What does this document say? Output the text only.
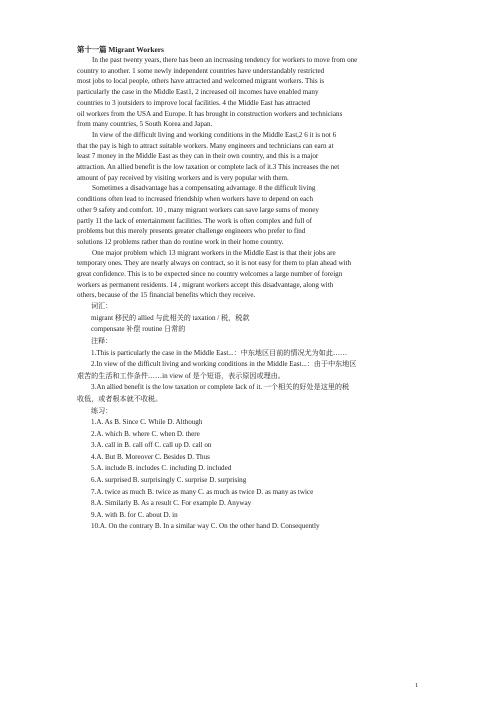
第十一篇 Migrant Workers
In the past twenty years, there has been an increasing tendency for workers to move from one
country to another. 1 some newly independent countries have understandably restricted
most jobs to local people, others have attracted and welcomed migrant workers. This is
particularly the case in the Middle East1, 2 increased oil incomes have enabled many
countries to 3 |outsiders to improve local facilities. 4 the Middle East has attracted
oil workers from the USA and Europe. It has brought in construction workers and technicians
from many countries, 5 South Korea and Japan.
In view of the difficult living and working conditions in the Middle East,2 6 it is not 6
that the pay is high to attract suitable workers. Many engineers and technicians can earn at
least 7 money in the Middle East as they can in their own country, and this is a major
attraction. An allied benefit is the low taxation or complete lack of it.3 This increases the net
amount of pay received by visiting workers and is very popular with them.
Sometimes a disadvantage has a compensating advantage. 8 the difficult living
conditions often lead to increased friendship when workers have to depend on each
other 9 safety and comfort. 10 , many migrant workers can save large sums of money
partly 11 the lack of entertainment facilities. The work is often complex and full of
problems but this merely presents greater challenge engineers who prefer to find
solutions 12 problems rather than do routine work in their home country.
One major problem which 13 migrant workers in the Middle East is that their jobs are
temporary ones. They are nearly always on contract, so it is not easy for them to plan ahead with
great confidence. This is to be expected since no country welcomes a large number of foreign
workers as permanent residents. 14 , migrant workers accept this disadvantage, along with
others, because of the 15 financial benefits which they receive.
词汇：
migrant 移民的 allied 与此相关的 taxation / 税，税款
compensate 补偿 routine 日常的
注释：
1.This is particularly the case in the Middle East...：中东地区目前的情况尤为如此……
2.In view of the difficult living and working conditions in the Middle East...：由于中东地区
艰苦的生活和工作条件……in view of 是个短语，表示原因或理由。
3.An allied benefit is the low taxation or complete lack of it. 一个相关的好处是这里的税
收低，或者根本就不收税。
练习：
1.A. As B. Since C. While D. Although
2.A. which B. where C. when D. there
3.A. call in B. call off C. call up D. call on
4.A. But B. Moreover C. Besides D. Thus
5.A. include B. includes C. including D. included
6.A. surprised B. surprisingly C. surprise D. surprising
7.A. twice as much B. twice as many C. as much as twice D. as many as twice
8.A. Similarly B. As a result C. For example D. Anyway
9.A. with B. for C. about D. in
10.A. On the contrary B. In a similar way C. On the other hand D. Consequently
1
